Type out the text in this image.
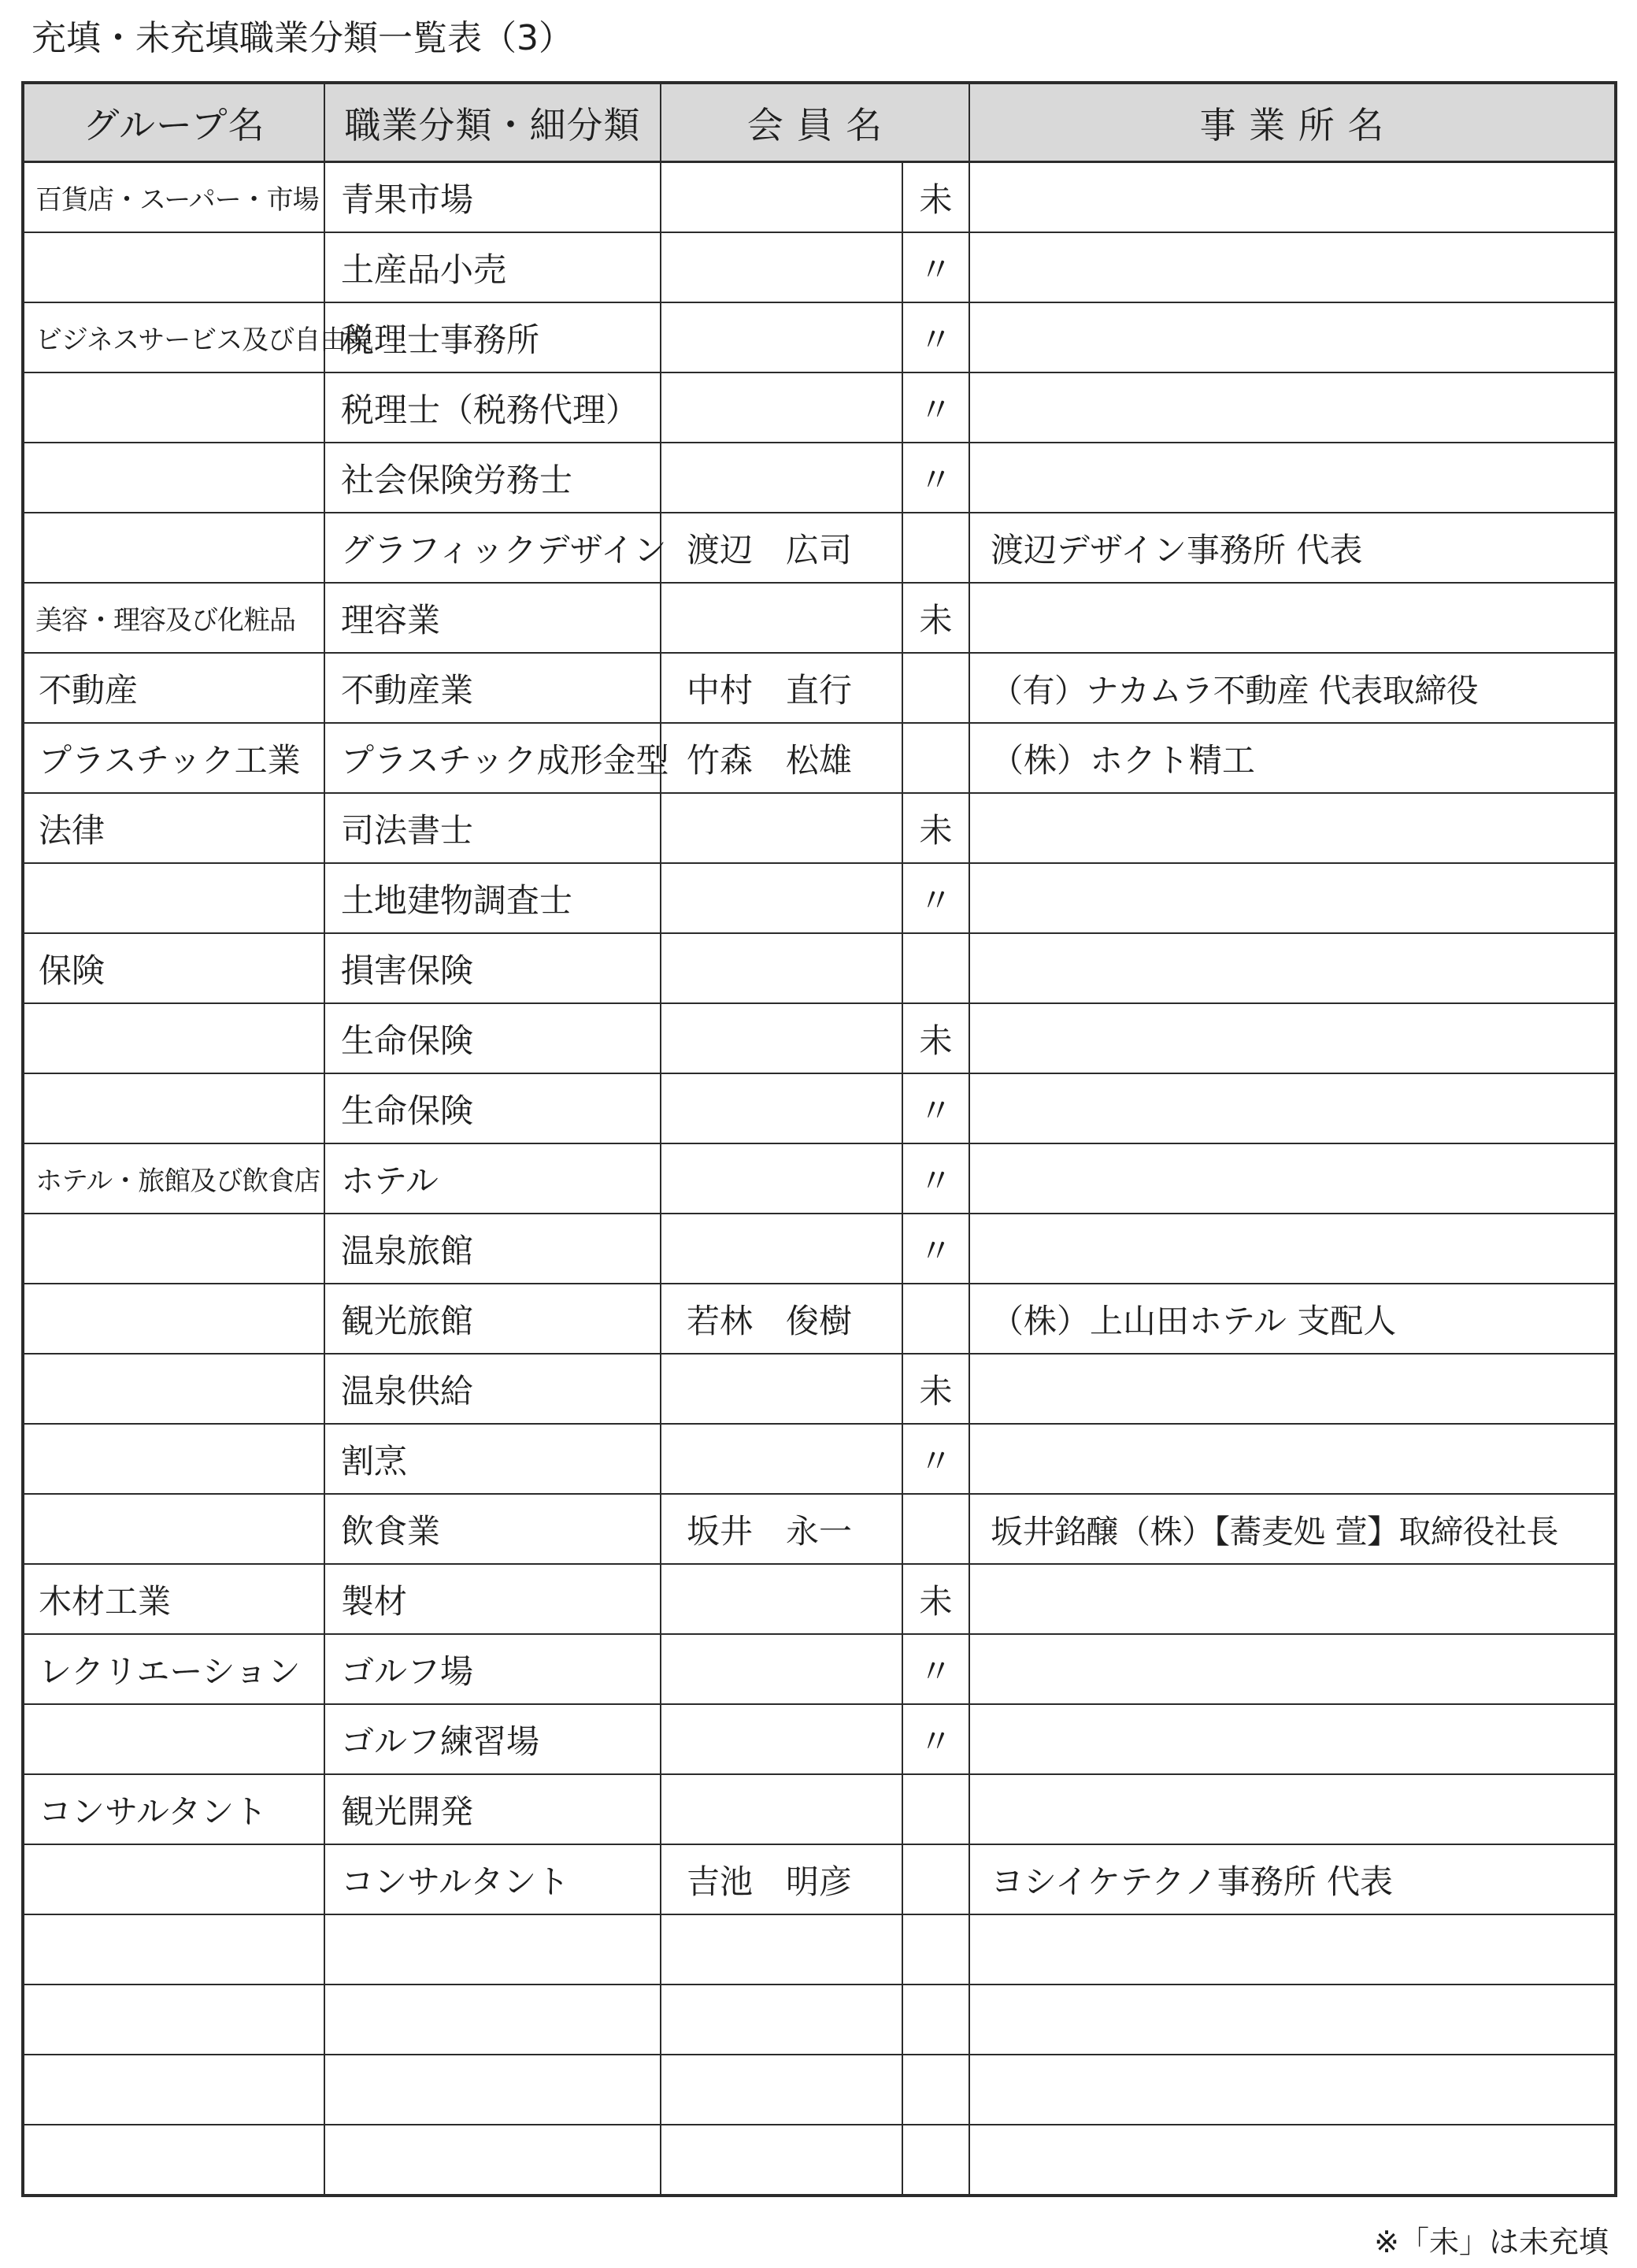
充填・未充填職業分類一覧表（3）
グループ名	職業分類・細分類	会 員 名		事 業 所 名
百貨店・スーパー・市場	青果市場		未	
	土産品小売		〃	
ビジネスサービス及び自由業	税理士事務所		〃	
	税理士（税務代理）		〃	
	社会保険労務士		〃	
	グラフィックデザイン	渡辺　広司		渡辺デザイン事務所 代表
美容・理容及び化粧品	理容業		未	
不動産	不動産業	中村　直行		（有）ナカムラ不動産 代表取締役
プラスチック工業	プラスチック成形金型	竹森　松雄		（株）ホクト精工
法律	司法書士		未	
	土地建物調査士		〃	
保険	損害保険			
	生命保険		未	
	生命保険		〃	
ホテル・旅館及び飲食店	ホテル		〃	
	温泉旅館		〃	
	観光旅館	若林　俊樹		（株）上山田ホテル 支配人
	温泉供給		未	
	割烹		〃	
	飲食業	坂井　永一		坂井銘醸（株）【蕎麦処 萱】取締役社長
木材工業	製材		未	
レクリエーション	ゴルフ場		〃	
	ゴルフ練習場		〃	
コンサルタント	観光開発			
	コンサルタント	吉池　明彦		ヨシイケテクノ事務所 代表

※「未」は未充填
